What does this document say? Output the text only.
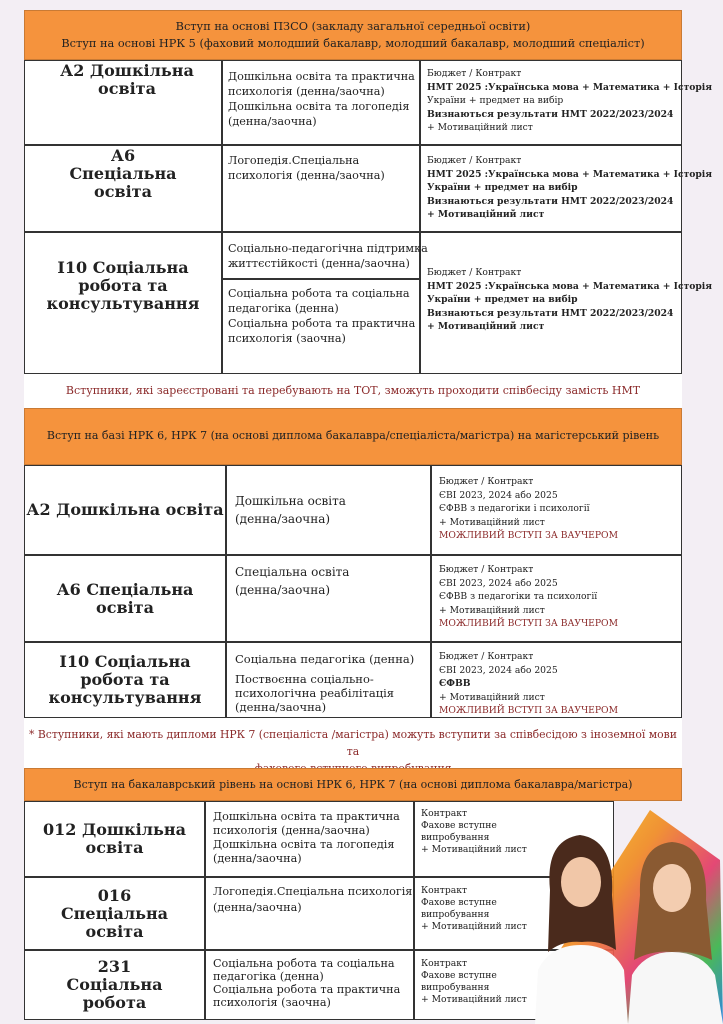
Вступ на основі ПЗСО (закладу загальної середньої освіти)
Вступ на основі НРК 5 (фаховий молодший бакалавр, молодший бакалавр, молодший спеціаліст)
А2 Дошкільна освіта
Дошкільна освіта та практична
психологія (денна/заочна)
Дошкільна освіта та логопедія
(денна/заочна)
Бюджет / Контракт
НМТ 2025 :Українська мова + Математика + Історія
України + предмет на вибір
Визнаються результати НМТ 2022/2023/2024
+ Мотиваційний лист
А6 Спеціальна освіта
Логопедія.Спеціальна
психологія (денна/заочна)
Бюджет / Контракт
НМТ 2025 :Українська мова + Математика + Історія
України + предмет на вибір
Визнаються результати НМТ 2022/2023/2024
+ Мотиваційний лист
І10 Соціальна робота та консультування
Соціально-педагогічна підтримка
життєстійкості (денна/заочна)
Соціальна робота та соціальна
педагогіка (денна)
Соціальна робота та практична
психологія (заочна)
Бюджет / Контракт
НМТ 2025 :Українська мова + Математика + Історія
України + предмет на вибір
Визнаються результати НМТ 2022/2023/2024
+ Мотиваційний лист
Вступники, які зареєстровані та перебувають на ТОТ, зможуть проходити співбесіду замість НМТ
Вступ на базі НРК 6, НРК 7 (на основі диплома бакалавра/спеціаліста/магістра) на магістерський рівень
А2 Дошкільна освіта Дошкільна освіта
(денна/заочна)
Бюджет / Контракт
ЄВІ 2023, 2024 або 2025
ЄФВВ з педагогіки і психології
+ Мотиваційний лист
МОЖЛИВИЙ ВСТУП ЗА ВАУЧЕРОМ
А6 Спеціальна освіта
Спеціальна освіта
(денна/заочна)
Бюджет / Контракт
ЄВІ 2023, 2024 або 2025
ЄФВВ з педагогіки та психології
+ Мотиваційний лист
МОЖЛИВИЙ ВСТУП ЗА ВАУЧЕРОМ
І10 Соціальна робота та консультування
Соціальна педагогіка (денна)
Поствоєнна соціально-
психологічна реабілітація
(денна/заочна)
Бюджет / Контракт
ЄВІ 2023, 2024 або 2025
ЄФВВ
+ Мотиваційний лист
МОЖЛИВИЙ ВСТУП ЗА ВАУЧЕРОМ
* Вступники, які мають дипломи НРК 7 (спеціаліста /магістра) можуть вступити за співбесідою з іноземної мови та
Вступ на бакалаврський рівень на основі НРК 6, НРК 7 (на основі диплома бакалавра/магістра)
012 Дошкільна освіта
Дошкільна освіта та практична
психологія (денна/заочна)
Дошкільна освіта та логопедія
(денна/заочна)
Контракт
Фахове вступне
випробування
+ Мотиваційний лист
016 Спеціальна освіта
Логопедія.Спеціальна психологія
(денна/заочна)
Контракт
Фахове вступне
випробування
+ Мотиваційний лист
231 Соціальна робота
Соціальна робота та соціальна
педагогіка (денна)
Соціальна робота та практична
психологія (заочна)
Контракт
Фахове вступне
випробування
+ Мотиваційний лист
